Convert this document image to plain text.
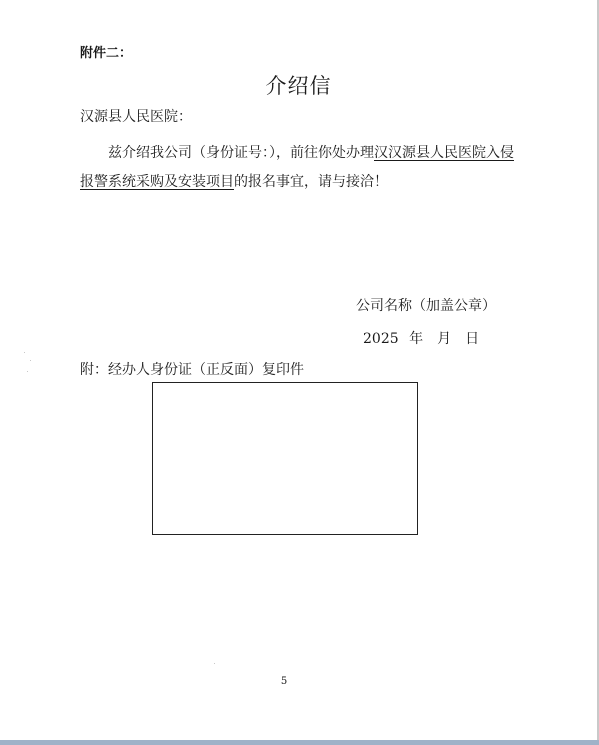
附件二：
介绍信
汉源县人民医院：
兹介绍我公司（身份证号：），前往你处办理汉汉源县人民医院入侵报警系统采购及安装项目的报名事宜，请与接洽！
公司名称（加盖公章）
2025 年　月　日
附：经办人身份证（正反面）复印件
5
